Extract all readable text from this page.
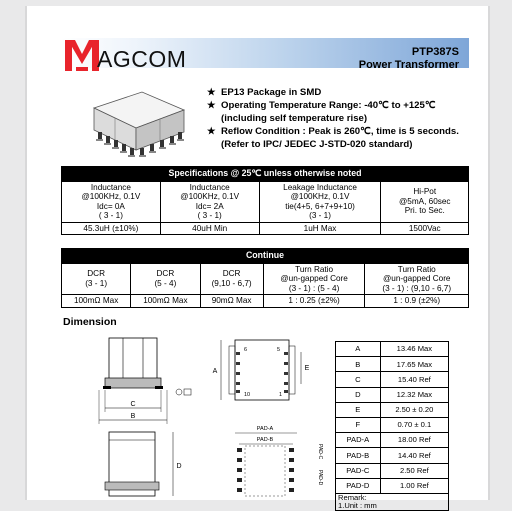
AGCOM	PTP387S
Power Transformer
★ EP13 Package in SMD
★ Operating Temperature Range: -40℃ to +125℃
(including self temperature rise)
★ Reflow Condition : Peak is 260℃, time is 5 seconds.
(Refer to IPC/ JEDEC J-STD-020 standard)
Specifications @ 25℃ unless otherwise noted			
Inductance
@100KHz, 0.1V
Idc= 0A
( 3 - 1)	Inductance
@100KHz, 0.1V
Idc= 2A
( 3 - 1)	Leakage Inductance
@100KHz, 0.1V
tie(4+5, 6+7+9+10)
(3 - 1)	Hi-Pot
@5mA, 60sec
Pri. to Sec.
45.3uH (±10%)	40uH Min	1uH Max	1500Vac
Continue				
DCR
(3 - 1)	DCR
(5 - 4)	DCR
(9,10 - 6,7)	Turn Ratio
@un-gapped Core
(3 - 1) : (5 - 4)	Turn Ratio
@un-gapped Core
(3 - 1) : (9,10 - 6,7)
100mΩ Max	100mΩ Max	90mΩ Max	1 : 0.25 (±2%)	1 : 0.9 (±2%)
Dimension
C
B
6	5
10	1
A	E
D
PAD-A
PAD-B
PAD-C
PAD-D
A	13.46 Max
B	17.65 Max
C	15.40 Ref
D	12.32 Max
E	2.50 ± 0.20
F	0.70 ± 0.1
PAD-A	18.00 Ref
PAD-B	14.40 Ref
PAD-C	2.50 Ref
PAD-D	1.00 Ref
Remark:
1.Unit : mm	
